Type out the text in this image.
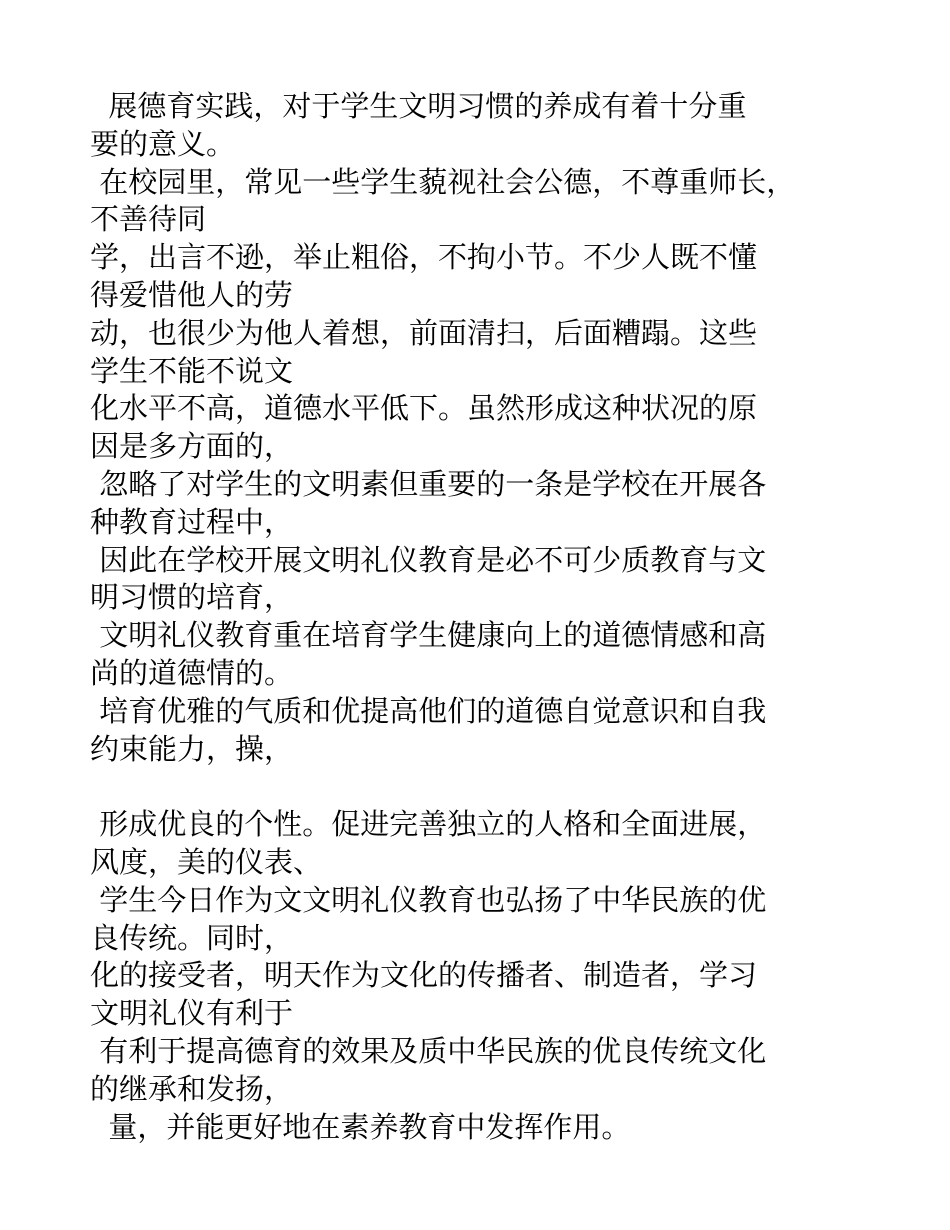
展德育实践，对于学生文明习惯的养成有着十分重
要的意义。
在校园里，常见一些学生藐视社会公德，不尊重师长，
不善待同
学，出言不逊，举止粗俗，不拘小节。不少人既不懂
得爱惜他人的劳
动，也很少为他人着想，前面清扫，后面糟蹋。这些
学生不能不说文
化水平不高，道德水平低下。虽然形成这种状况的原
因是多方面的，
忽略了对学生的文明素但重要的一条是学校在开展各
种教育过程中，
因此在学校开展文明礼仪教育是必不可少质教育与文
明习惯的培育，
文明礼仪教育重在培育学生健康向上的道德情感和高
尚的道德情的。
培育优雅的气质和优提高他们的道德自觉意识和自我
约束能力，操，
形成优良的个性。促进完善独立的人格和全面进展，
风度，美的仪表、
学生今日作为文文明礼仪教育也弘扬了中华民族的优
良传统。同时，
化的接受者，明天作为文化的传播者、制造者，学习
文明礼仪有利于
有利于提高德育的效果及质中华民族的优良传统文化
的继承和发扬，
量，并能更好地在素养教育中发挥作用。
